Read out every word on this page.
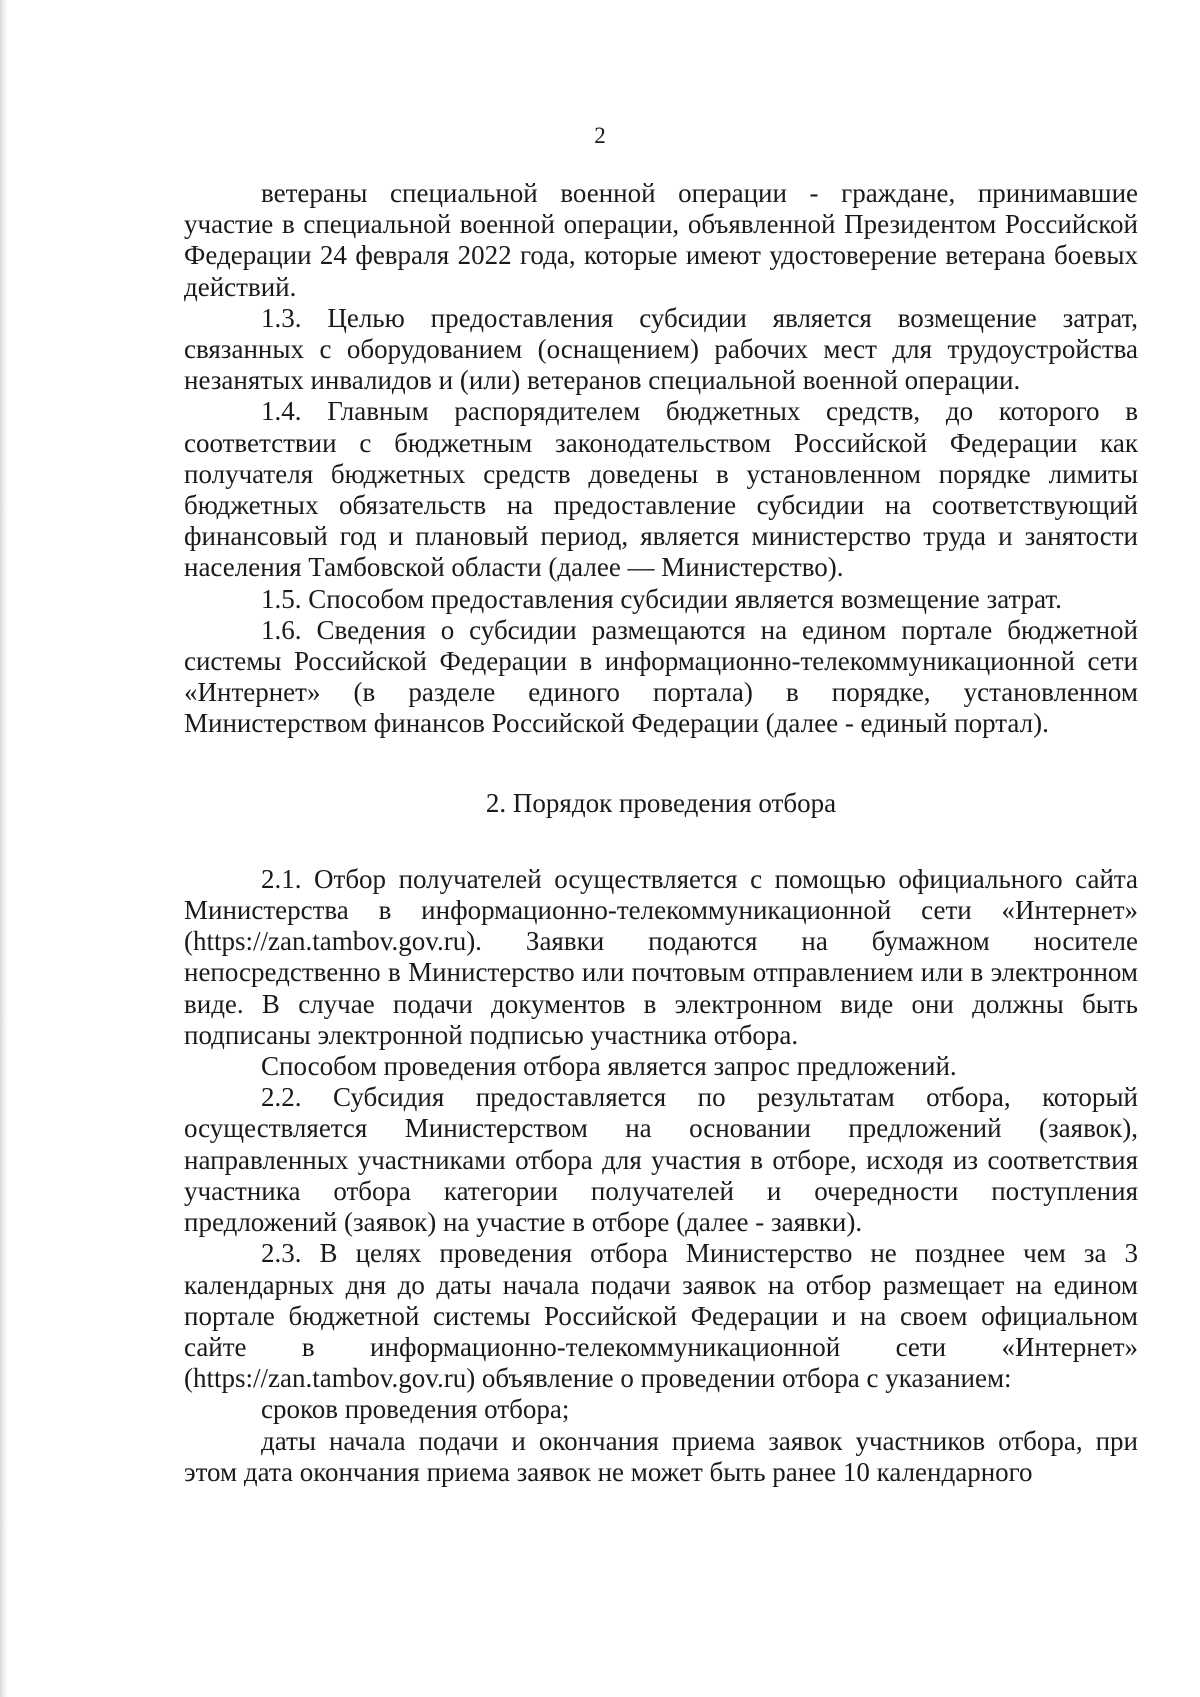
2

ветераны специальной военной операции - граждане, принимавшие участие в специальной военной операции, объявленной Президентом Российской Федерации 24 февраля 2022 года, которые имеют удостоверение ветерана боевых действий.

1.3. Целью предоставления субсидии является возмещение затрат, связанных с оборудованием (оснащением) рабочих мест для трудоустройства незанятых инвалидов и (или) ветеранов специальной военной операции.

1.4. Главным распорядителем бюджетных средств, до которого в соответствии с бюджетным законодательством Российской Федерации как получателя бюджетных средств доведены в установленном порядке лимиты бюджетных обязательств на предоставление субсидии на соответствующий финансовый год и плановый период, является министерство труда и занятости населения Тамбовской области (далее — Министерство).

1.5. Способом предоставления субсидии является возмещение затрат.

1.6. Сведения о субсидии размещаются на едином портале бюджетной системы Российской Федерации в информационно-телекоммуникационной сети «Интернет» (в разделе единого портала) в порядке, установленном Министерством финансов Российской Федерации (далее - единый портал).

2. Порядок проведения отбора

2.1. Отбор получателей осуществляется с помощью официального сайта Министерства в информационно-телекоммуникационной сети «Интернет» (https://zan.tambov.gov.ru). Заявки подаются на бумажном носителе непосредственно в Министерство или почтовым отправлением или в электронном виде. В случае подачи документов в электронном виде они должны быть подписаны электронной подписью участника отбора.

Способом проведения отбора является запрос предложений.

2.2. Субсидия предоставляется по результатам отбора, который осуществляется Министерством на основании предложений (заявок), направленных участниками отбора для участия в отборе, исходя из соответствия участника отбора категории получателей и очередности поступления предложений (заявок) на участие в отборе (далее - заявки).

2.3. В целях проведения отбора Министерство не позднее чем за 3 календарных дня до даты начала подачи заявок на отбор размещает на едином портале бюджетной системы Российской Федерации и на своем официальном сайте в информационно-телекоммуникационной сети «Интернет» (https://zan.tambov.gov.ru) объявление о проведении отбора с указанием:

сроков проведения отбора;

даты начала подачи и окончания приема заявок участников отбора, при этом дата окончания приема заявок не может быть ранее 10 календарного
